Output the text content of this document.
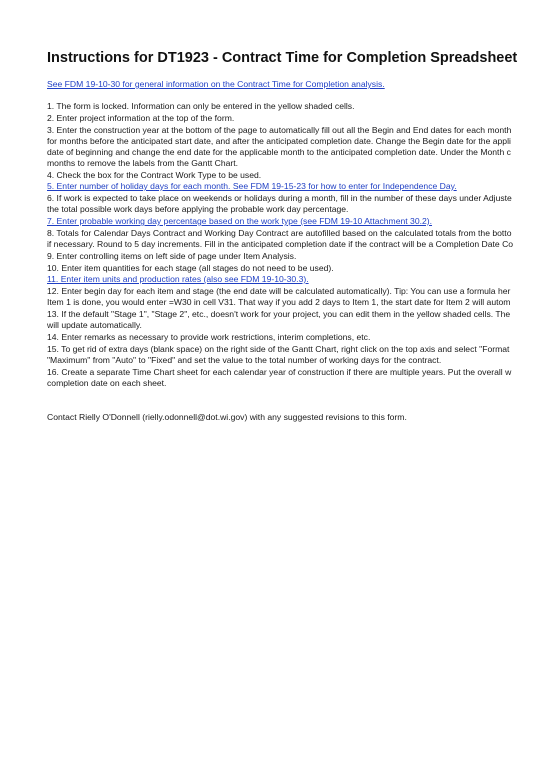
Instructions for DT1923 - Contract Time for Completion Spreadsheet
See FDM 19-10-30 for general information on the Contract Time for Completion analysis.
1. The form is locked. Information can only be entered in the yellow shaded cells.
2. Enter project information at the top of the form.
3. Enter the construction year at the bottom of the page to automatically fill out all the Begin and End dates for each month
for months before the anticipated start date, and after the anticipated completion date. Change the Begin date for the appli
date of beginning and change the end date for the applicable month to the anticipated completion date. Under the Month c
months to remove the labels from the Gantt Chart.
4. Check the box for the Contract Work Type to be used.
5. Enter number of holiday days for each month. See FDM 19-15-23 for how to enter for Independence Day.
6. If work is expected to take place on weekends or holidays during a month, fill in the number of these days under Adjuste
the total possible work days before applying the probable work day percentage.
7. Enter probable working day percentage based on the work type (see FDM 19-10 Attachment 30.2).
8. Totals for Calendar Days Contract and Working Day Contract are autofilled based on the calculated totals from the botto
if necessary. Round to 5 day increments. Fill in the anticipated completion date if the contract will be a Completion Date Co
9. Enter controlling items on left side of page under Item Analysis.
10. Enter item quantities for each stage (all stages do not need to be used).
11. Enter item units and production rates (also see FDM 19-10-30.3).
12. Enter begin day for each item and stage (the end date will be calculated automatically). Tip: You can use a formula her
Item 1 is done, you would enter =W30 in cell V31. That way if you add 2 days to Item 1, the start date for Item 2 will autom
13. If the default "Stage 1", "Stage 2", etc., doesn't work for your project, you can edit them in the yellow shaded cells. The
will update automatically.
14. Enter remarks as necessary to provide work restrictions, interim completions, etc.
15. To get rid of extra days (blank space) on the right side of the Gantt Chart, right click on the top axis and select "Format
"Maximum" from "Auto" to "Fixed" and set the value to the total number of working days for the contract.
16. Create a separate Time Chart sheet for each calendar year of construction if there are multiple years. Put the overall w
completion date on each sheet.
Contact Rielly O'Donnell (rielly.odonnell@dot.wi.gov) with any suggested revisions to this form.
